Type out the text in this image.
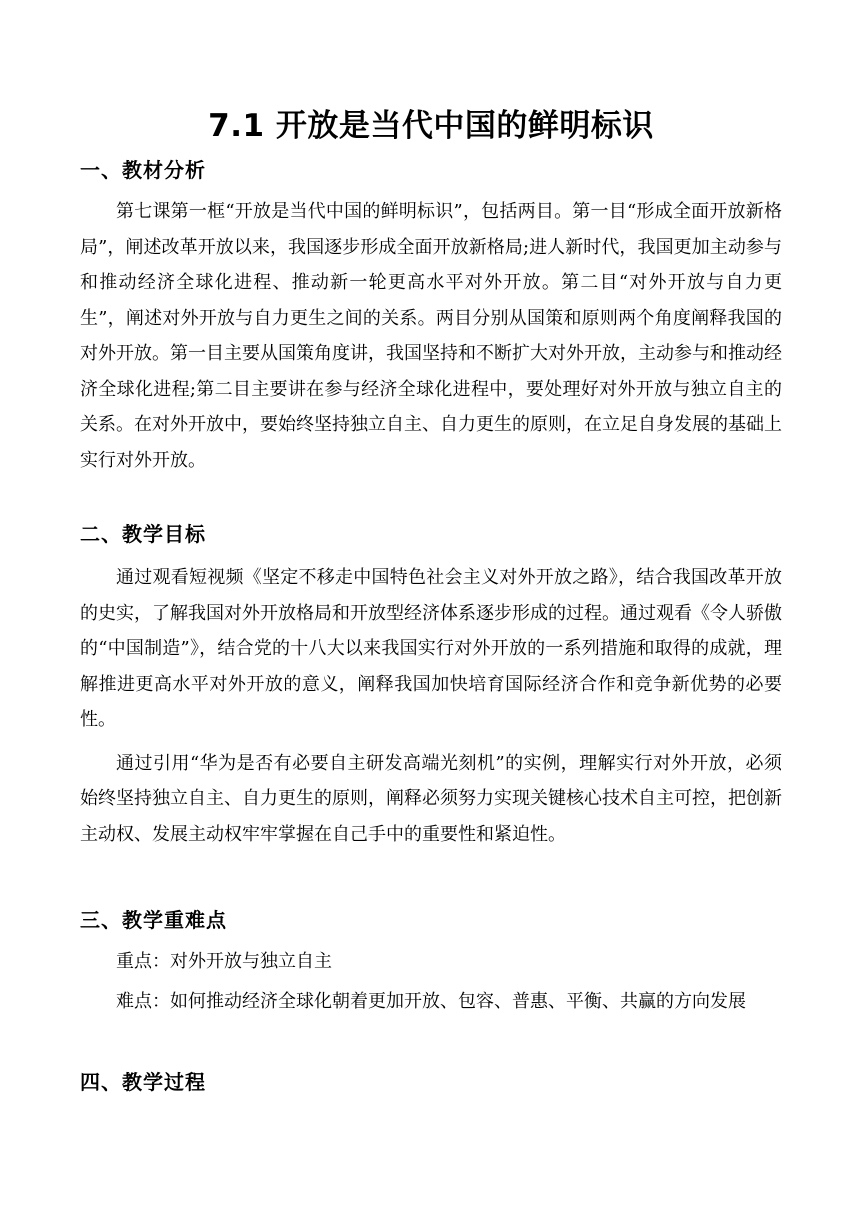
7.1 开放是当代中国的鲜明标识
一、教材分析

第七课第一框“开放是当代中国的鲜明标识”，包括两目。第一目“形成全面开放新格局”，闸述改革开放以来，我国逐步形成全面开放新格局;进人新时代，我国更加主动参与和推动经济全球化进程、推动新一轮更高水平对外开放。第二目“对外开放与自力更生”，阐述对外开放与自力更生之间的关系。两目分别从国策和原则两个角度阐释我国的对外开放。第一目主要从国策角度讲，我国坚持和不断扩大对外开放，主动参与和推动经济全球化进程;第二目主要讲在参与经济全球化进程中，要处理好对外开放与独立自主的关系。在对外开放中，要始终坚持独立自主、自力更生的原则，在立足自身发展的基础上实行对外开放。

二、教学目标

通过观看短视频《坚定不移走中国特色社会主义对外开放之路》，结合我国改革开放的史实，了解我国对外开放格局和开放型经济体系逐步形成的过程。通过观看《令人骄傲的“中国制造”》，结合党的十八大以来我国实行对外开放的一系列措施和取得的成就，理解推进更高水平对外开放的意义，阐释我国加快培育国际经济合作和竞争新优势的必要性。

通过引用“华为是否有必要自主研发高端光刻机”的实例，理解实行对外开放，必须始终坚持独立自主、自力更生的原则，阐释必须努力实现关键核心技术自主可控，把创新主动权、发展主动权牢牢掌握在自己手中的重要性和紧迫性。

三、教学重难点

重点：对外开放与独立自主

难点：如何推动经济全球化朝着更加开放、包容、普惠、平衡、共赢的方向发展

四、教学过程
